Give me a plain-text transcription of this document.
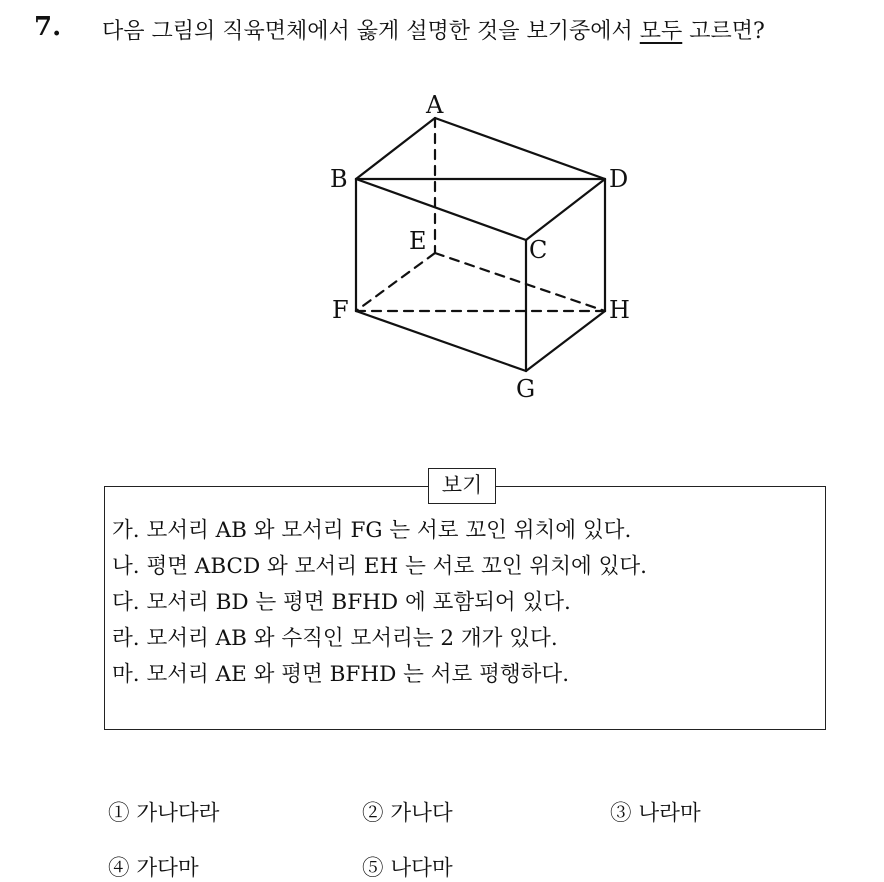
7. 다음 그림의 직육면체에서 옳게 설명한 것을 보기중에서 모두 고르면?
A
B
C
D
E
F
G
H
보기
가. 모서리 AB 와 모서리 FG 는 서로 꼬인 위치에 있다.
나. 평면 ABCD 와 모서리 EH 는 서로 꼬인 위치에 있다.
다. 모서리 BD 는 평면 BFHD 에 포함되어 있다.
라. 모서리 AB 와 수직인 모서리는 2 개가 있다.
마. 모서리 AE 와 평면 BFHD 는 서로 평행하다.
① 가나다라	② 가나다	③ 나라마
④ 가다마	⑤ 나다마
